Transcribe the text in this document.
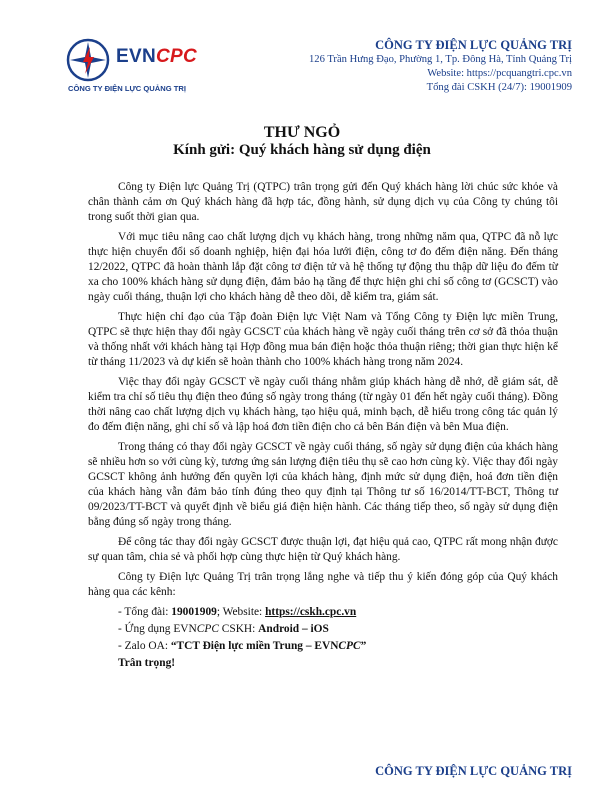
EVNCPC
CÔNG TY ĐIỆN LỰC QUẢNG TRỊ
CÔNG TY ĐIỆN LỰC QUẢNG TRỊ
126 Trần Hưng Đạo, Phường 1, Tp. Đông Hà, Tỉnh Quảng Trị
Website: https://pcquangtri.cpc.vn
Tổng đài CSKH (24/7): 19001909
THƯ NGỎ
Kính gửi: Quý khách hàng sử dụng điện

Công ty Điện lực Quảng Trị (QTPC) trân trọng gửi đến Quý khách hàng lời chúc sức khỏe và chân thành cảm ơn Quý khách hàng đã hợp tác, đồng hành, sử dụng dịch vụ của Công ty chúng tôi trong suốt thời gian qua.

Với mục tiêu nâng cao chất lượng dịch vụ khách hàng, trong những năm qua, QTPC đã nỗ lực thực hiện chuyển đổi số doanh nghiệp, hiện đại hóa lưới điện, công tơ đo đếm điện năng. Đến tháng 12/2022, QTPC đã hoàn thành lắp đặt công tơ điện tử và hệ thống tự động thu thập dữ liệu đo đếm từ xa cho 100% khách hàng sử dụng điện, đảm bảo hạ tầng để thực hiện ghi chỉ số công tơ (GCSCT) vào ngày cuối tháng, thuận lợi cho khách hàng dễ theo dõi, dễ kiểm tra, giám sát.

Thực hiện chỉ đạo của Tập đoàn Điện lực Việt Nam và Tổng Công ty Điện lực miền Trung, QTPC sẽ thực hiện thay đổi ngày GCSCT của khách hàng về ngày cuối tháng trên cơ sở đã thỏa thuận và thống nhất với khách hàng tại Hợp đồng mua bán điện hoặc thỏa thuận riêng; thời gian thực hiện kể từ tháng 11/2023 và dự kiến sẽ hoàn thành cho 100% khách hàng trong năm 2024.

Việc thay đổi ngày GCSCT về ngày cuối tháng nhằm giúp khách hàng dễ nhớ, dễ giám sát, dễ kiểm tra chỉ số tiêu thụ điện theo đúng số ngày trong tháng (từ ngày 01 đến hết ngày cuối tháng). Đồng thời nâng cao chất lượng dịch vụ khách hàng, tạo hiệu quả, minh bạch, dễ hiểu trong công tác quản lý đo đếm điện năng, ghi chỉ số và lập hoá đơn tiền điện cho cả bên Bán điện và bên Mua điện.

Trong tháng có thay đổi ngày GCSCT về ngày cuối tháng, số ngày sử dụng điện của khách hàng sẽ nhiều hơn so với cùng kỳ, tương ứng sản lượng điện tiêu thụ sẽ cao hơn cùng kỳ. Việc thay đổi ngày GCSCT không ảnh hưởng đến quyền lợi của khách hàng, định mức sử dụng điện, hoá đơn tiền điện của khách hàng vẫn đảm bảo tính đúng theo quy định tại Thông tư số 16/2014/TT-BCT, Thông tư 09/2023/TT-BCT và quyết định về biểu giá điện hiện hành. Các tháng tiếp theo, số ngày sử dụng điện bằng đúng số ngày trong tháng.

Để công tác thay đổi ngày GCSCT được thuận lợi, đạt hiệu quả cao, QTPC rất mong nhận được sự quan tâm, chia sẻ và phối hợp cùng thực hiện từ Quý khách hàng.

Công ty Điện lực Quảng Trị trân trọng lắng nghe và tiếp thu ý kiến đóng góp của Quý khách hàng qua các kênh:

- Tổng đài: 19001909; Website: https://cskh.cpc.vn
- Ứng dụng EVNCPC CSKH: Android – iOS
- Zalo OA: “TCT Điện lực miền Trung – EVNCPC”
Trân trọng!
CÔNG TY ĐIỆN LỰC QUẢNG TRỊ
